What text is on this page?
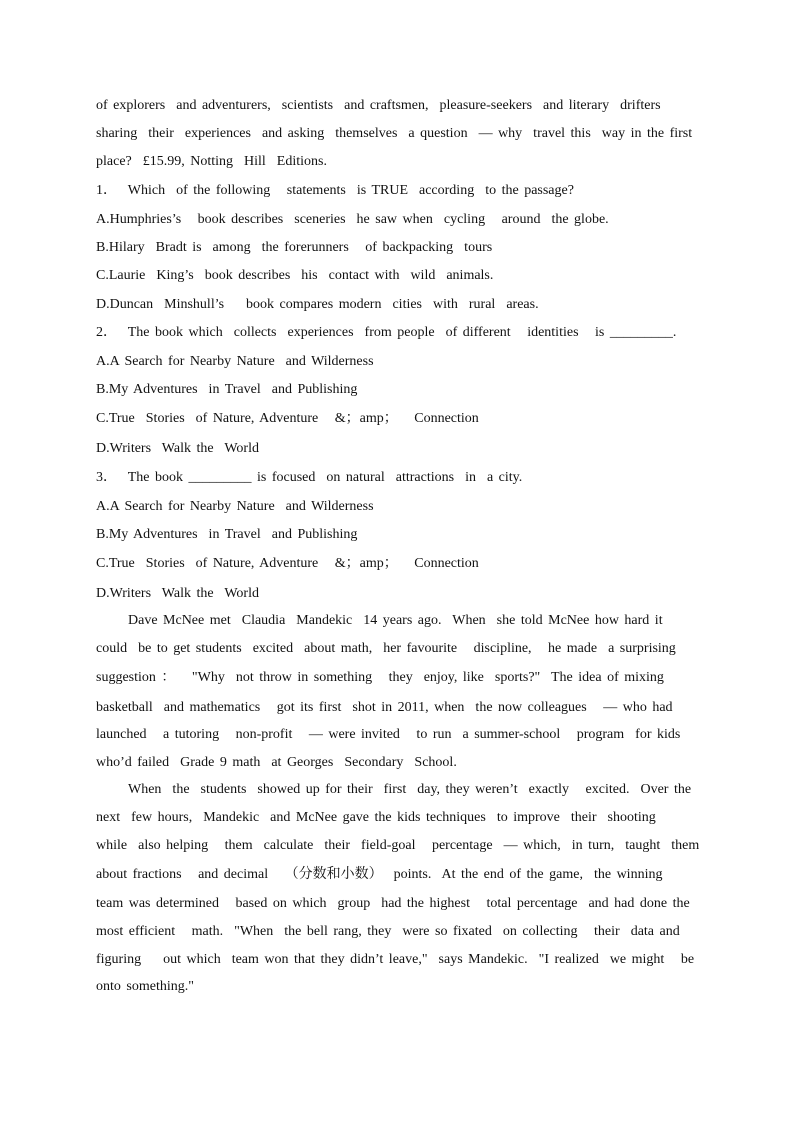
of explorers  and adventurers,  scientists  and craftsmen,  pleasure-seekers  and literary  drifters
sharing  their  experiences  and asking  themselves  a question  — why  travel this  way in the first
place?  £15.99, Notting  Hill  Editions.
1．  Which  of the following   statements  is TRUE  according  to the passage?
A.Humphries’s   book describes  sceneries  he saw when  cycling   around  the globe.
B.Hilary  Bradt is  among  the forerunners   of backpacking  tours
C.Laurie  King’s  book describes  his  contact with  wild  animals.
D.Duncan  Minshull’s    book compares modern  cities  with  rural  areas.
2．  The book which  collects  experiences  from people  of different   identities   is _________.
A.A Search for Nearby Nature  and Wilderness
B.My Adventures  in Travel  and Publishing
C.True  Stories  of Nature, Adventure   &；amp；   Connection
D.Writers  Walk the  World
3．  The book _________ is focused  on natural  attractions  in  a city.
A.A Search for Nearby Nature  and Wilderness
B.My Adventures  in Travel  and Publishing
C.True  Stories  of Nature, Adventure   &；amp；   Connection
D.Writers  Walk the  World
Dave McNee met  Claudia  Mandekic  14 years ago.  When  she told McNee how hard it
could  be to get students  excited  about math,  her favourite   discipline,   he made  a surprising
suggestion ：   "Why  not throw in something   they  enjoy, like  sports?"  The idea of mixing
basketball  and mathematics   got its first  shot in 2011, when  the now colleagues   — who had
launched   a tutoring   non-profit   — were invited   to run  a summer-school   program  for kids
who’d failed  Grade 9 math  at Georges  Secondary  School.
When  the  students  showed up for their  first  day, they weren’t  exactly   excited.  Over the
next  few hours,  Mandekic  and McNee gave the kids techniques  to improve  their  shooting
while  also helping   them  calculate  their  field-goal   percentage  — which,  in turn,  taught  them
about fractions   and decimal   （分数和小数）  points.  At the end of the game,  the winning
team was determined   based on which  group  had the highest   total percentage  and had done the
most efficient   math.  "When  the bell rang, they  were so fixated  on collecting   their  data and
figuring    out which  team won that they didn’t leave,"  says Mandekic.  "I realized  we might   be
onto something."
